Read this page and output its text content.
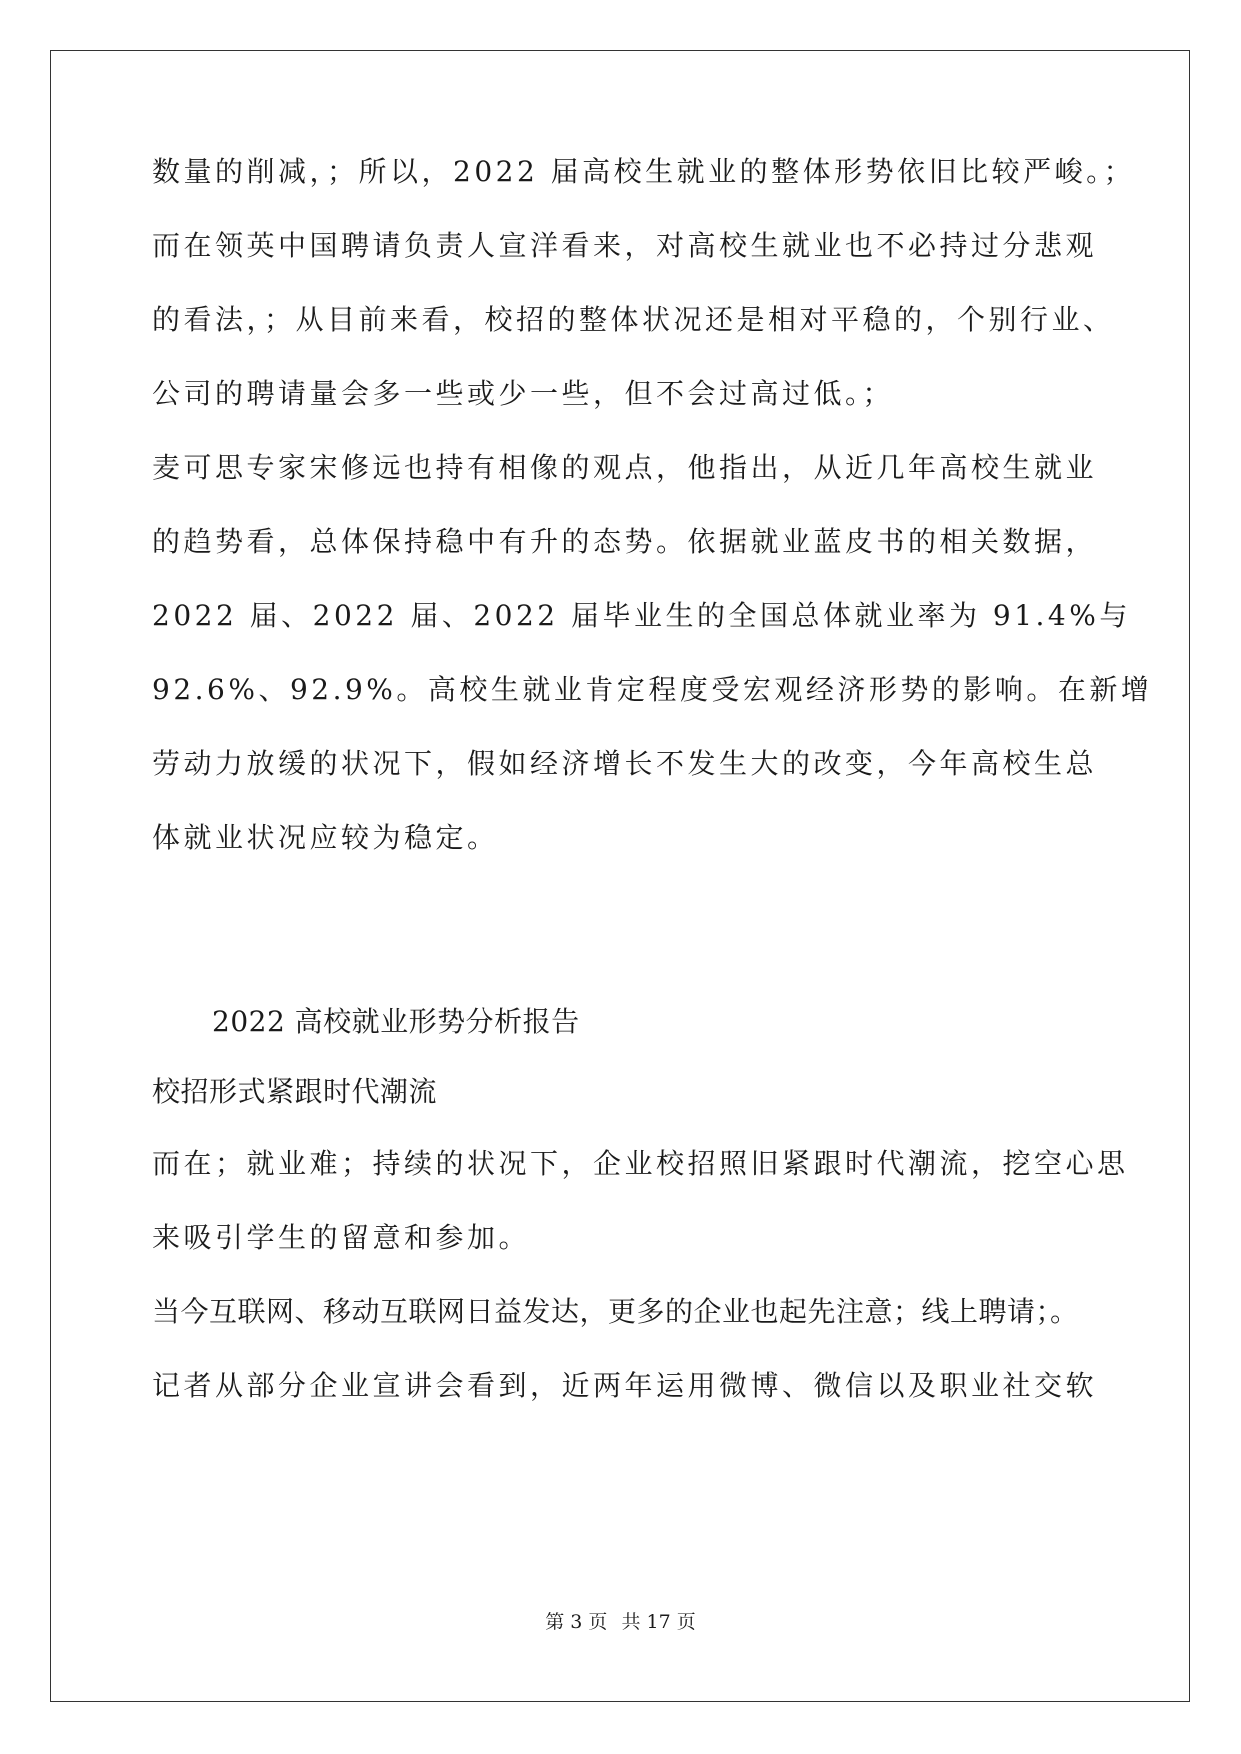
数量的削减，；所以，2022 届高校生就业的整体形势依旧比较严峻。；
而在领英中国聘请负责人宣洋看来，对高校生就业也不必持过分悲观
的看法，；从目前来看，校招的整体状况还是相对平稳的，个别行业、
公司的聘请量会多一些或少一些，但不会过高过低。；
麦可思专家宋修远也持有相像的观点，他指出，从近几年高校生就业
的趋势看，总体保持稳中有升的态势。依据就业蓝皮书的相关数据，
2022 届、2022 届、2022 届毕业生的全国总体就业率为 91.4%与
92.6%、92.9%。高校生就业肯定程度受宏观经济形势的影响。在新增
劳动力放缓的状况下，假如经济增长不发生大的改变，今年高校生总
体就业状况应较为稳定。
2022 高校就业形势分析报告
校招形式紧跟时代潮流
而在；就业难；持续的状况下，企业校招照旧紧跟时代潮流，挖空心思
来吸引学生的留意和参加。
当今互联网、移动互联网日益发达，更多的企业也起先注意；线上聘请；。
记者从部分企业宣讲会看到，近两年运用微博、微信以及职业社交软
第 3 页 共 17 页
